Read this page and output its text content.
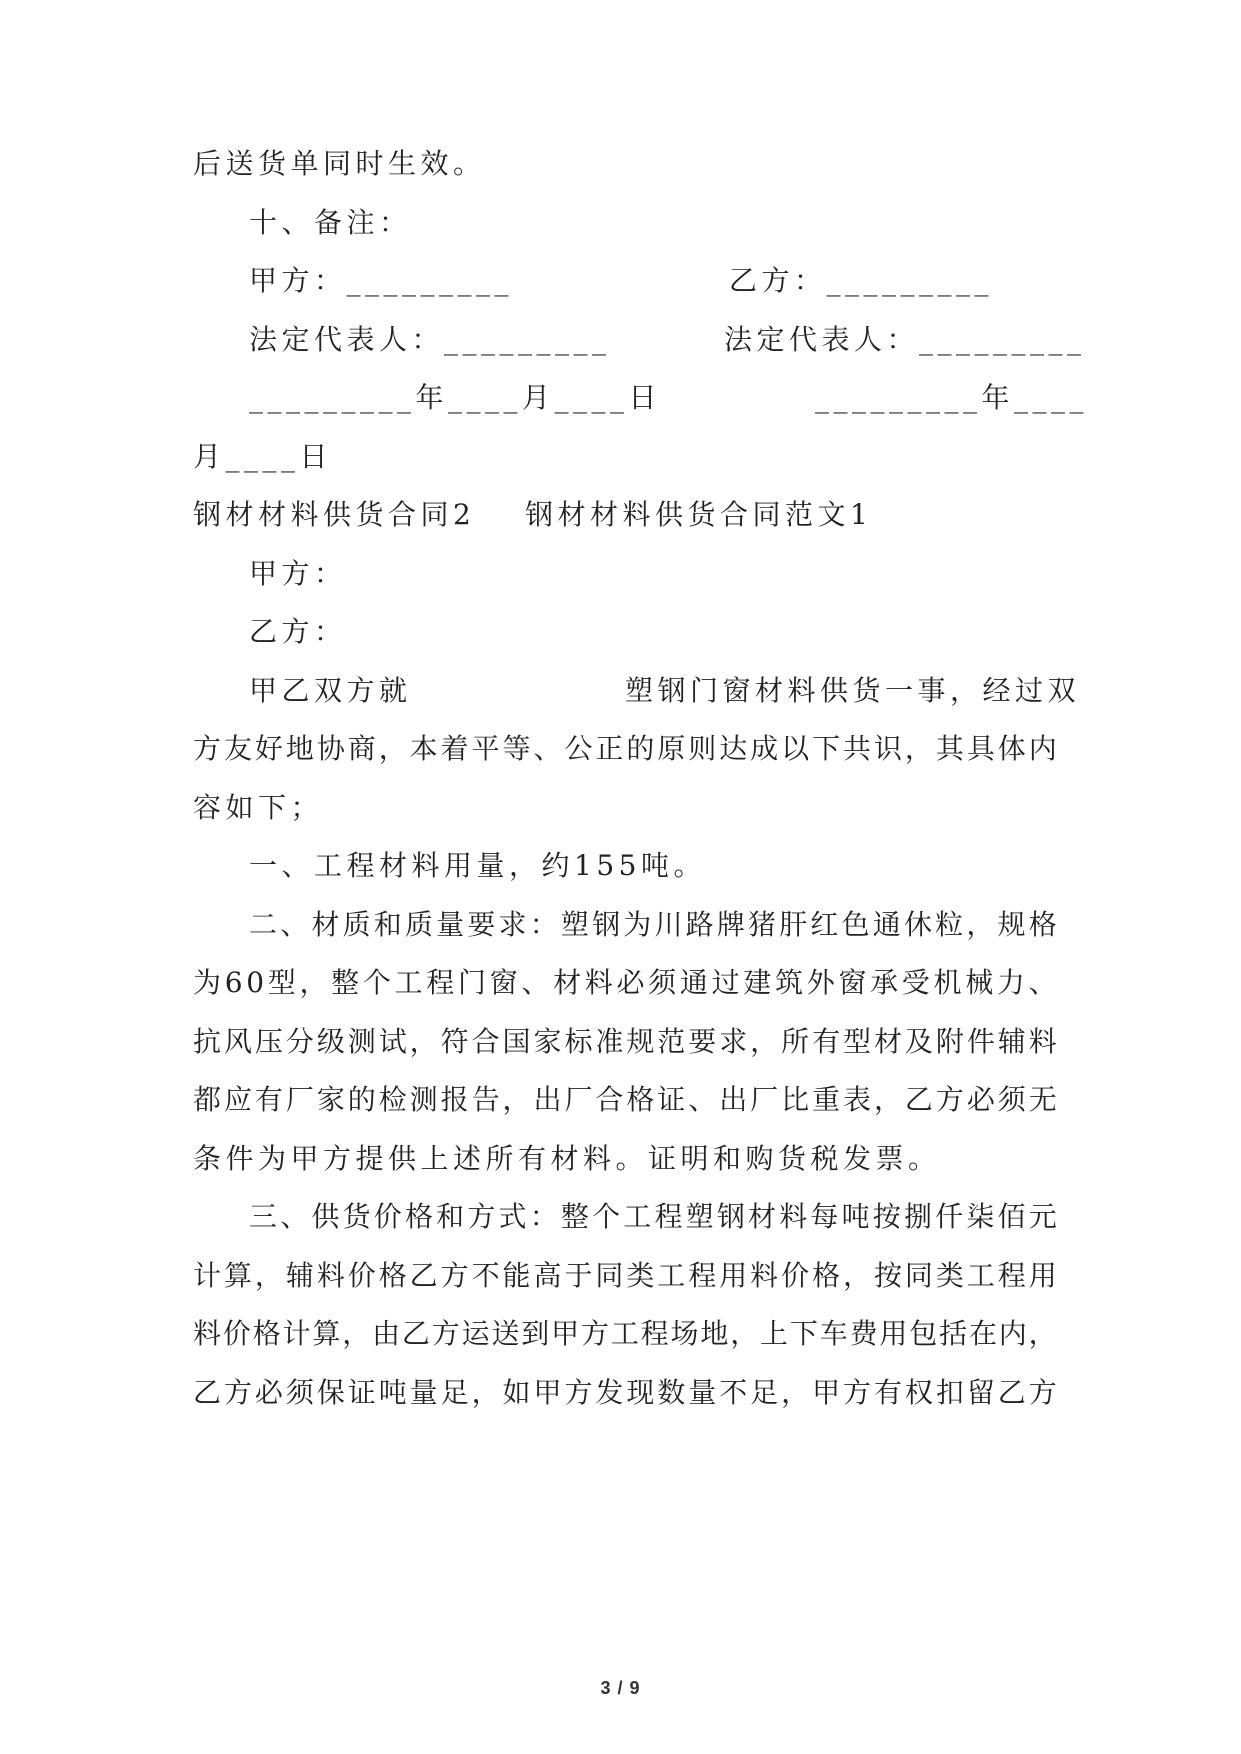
后送货单同时生效。
十、备注：
甲方：_________	乙方：_________
法定代表人：_________	法定代表人：_________
_________年____月____日	_________年____
月____日
钢材材料供货合同2 钢材材料供货合同范文1
甲方：
乙方：
甲乙双方就	塑钢门窗材料供货一事，经过双
方 友 好 地 协 商 ， 本 着 平 等 、 公 正 的 原 则 达 成 以 下 共 识 ， 其 具 体 内
容如下；
一、工程材料用量，约155吨。
二 、 材 质 和 质 量 要 求 ： 塑 钢 为 川 路 牌 猪 肝 红 色 通 休 粒 ， 规 格
为 6 0 型 ， 整 个 工 程 门 窗 、 材 料 必 须 通 过 建 筑 外 窗 承 受 机 械 力 、
抗 风 压 分 级 测 试 ， 符 合 国 家 标 准 规 范 要 求 ， 所 有 型 材 及 附 件 辅 料
都 应 有 厂 家 的 检 测 报 告 ， 出 厂 合 格 证 、 出 厂 比 重 表 ， 乙 方 必 须 无
条件为甲方提供上述所有材料。证明和购货税发票。
三 、 供 货 价 格 和 方 式 ： 整 个 工 程 塑 钢 材 料 每 吨 按 捌 仟 柒 佰 元
计 算 ， 辅 料 价 格 乙 方 不 能 高 于 同 类 工 程 用 料 价 格 ， 按 同 类 工 程 用
料 价 格 计 算 ， 由 乙 方 运 送 到 甲 方 工 程 场 地 ， 上 下 车 费 用 包 括 在 内 ，
乙 方 必 须 保 证 吨 量 足 ， 如 甲 方 发 现 数 量 不 足 ， 甲 方 有 权 扣 留 乙 方
3 / 9
